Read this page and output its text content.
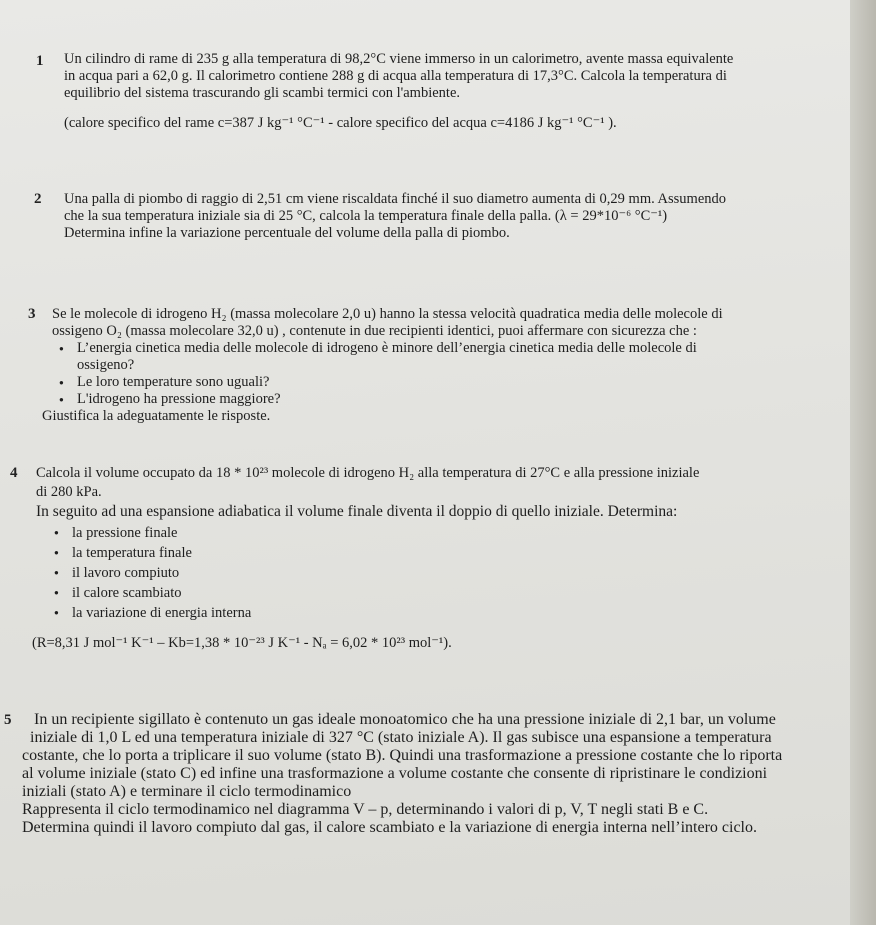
1 Un cilindro di rame di 235 g alla temperatura di 98,2°C viene immerso in un calorimetro, avente massa equivalente
in acqua pari a 62,0 g. Il calorimetro contiene 288 g di acqua alla temperatura di 17,3°C. Calcola la temperatura di
equilibrio del sistema trascurando gli scambi termici con l'ambiente.
(calore specifico del rame c=387 J kg⁻¹ °C⁻¹ - calore specifico del acqua c=4186 J kg⁻¹ °C⁻¹ ).
2 Una palla di piombo di raggio di 2,51 cm viene riscaldata finché il suo diametro aumenta di 0,29 mm. Assumendo
che la sua temperatura iniziale sia di 25 °C, calcola la temperatura finale della palla. (λ = 29*10⁻⁶ °C⁻¹)
Determina infine la variazione percentuale del volume della palla di piombo.
3 Se le molecole di idrogeno H₂ (massa molecolare 2,0 u) hanno la stessa velocità quadratica media delle molecole di
ossigeno O₂ (massa molecolare 32,0 u) , contenute in due recipienti identici, puoi affermare con sicurezza che :
● L’energia cinetica media delle molecole di idrogeno è minore dell’energia cinetica media delle molecole di
ossigeno?
● Le loro temperature sono uguali?
● L'idrogeno ha pressione maggiore?
Giustifica la adeguatamente le risposte.
4 Calcola il volume occupato da 18 * 10²³ molecole di idrogeno H₂ alla temperatura di 27°C e alla pressione iniziale
di 280 kPa.
In seguito ad una espansione adiabatica il volume finale diventa il doppio di quello iniziale. Determina:
● la pressione finale
● la temperatura finale
● il lavoro compiuto
● il calore scambiato
● la variazione di energia interna
(R=8,31 J mol⁻¹ K⁻¹ – Kb=1,38 * 10⁻²³ J K⁻¹ - Nₐ = 6,02 * 10²³ mol⁻¹).
5	In un recipiente sigillato è contenuto un gas ideale monoatomico che ha una pressione iniziale di 2,1 bar, un volume
iniziale di 1,0 L ed una temperatura iniziale di 327 °C (stato iniziale A). Il gas subisce una espansione a temperatura
costante, che lo porta a triplicare il suo volume (stato B). Quindi una trasformazione a pressione costante che lo riporta
al volume iniziale (stato C) ed infine una trasformazione a volume costante che consente di ripristinare le condizioni
iniziali (stato A) e terminare il ciclo termodinamico
Rappresenta il ciclo termodinamico nel diagramma V – p, determinando i valori di p, V, T negli stati B e C.
Determina quindi il lavoro compiuto dal gas, il calore scambiato e la variazione di energia interna nell’intero ciclo.
